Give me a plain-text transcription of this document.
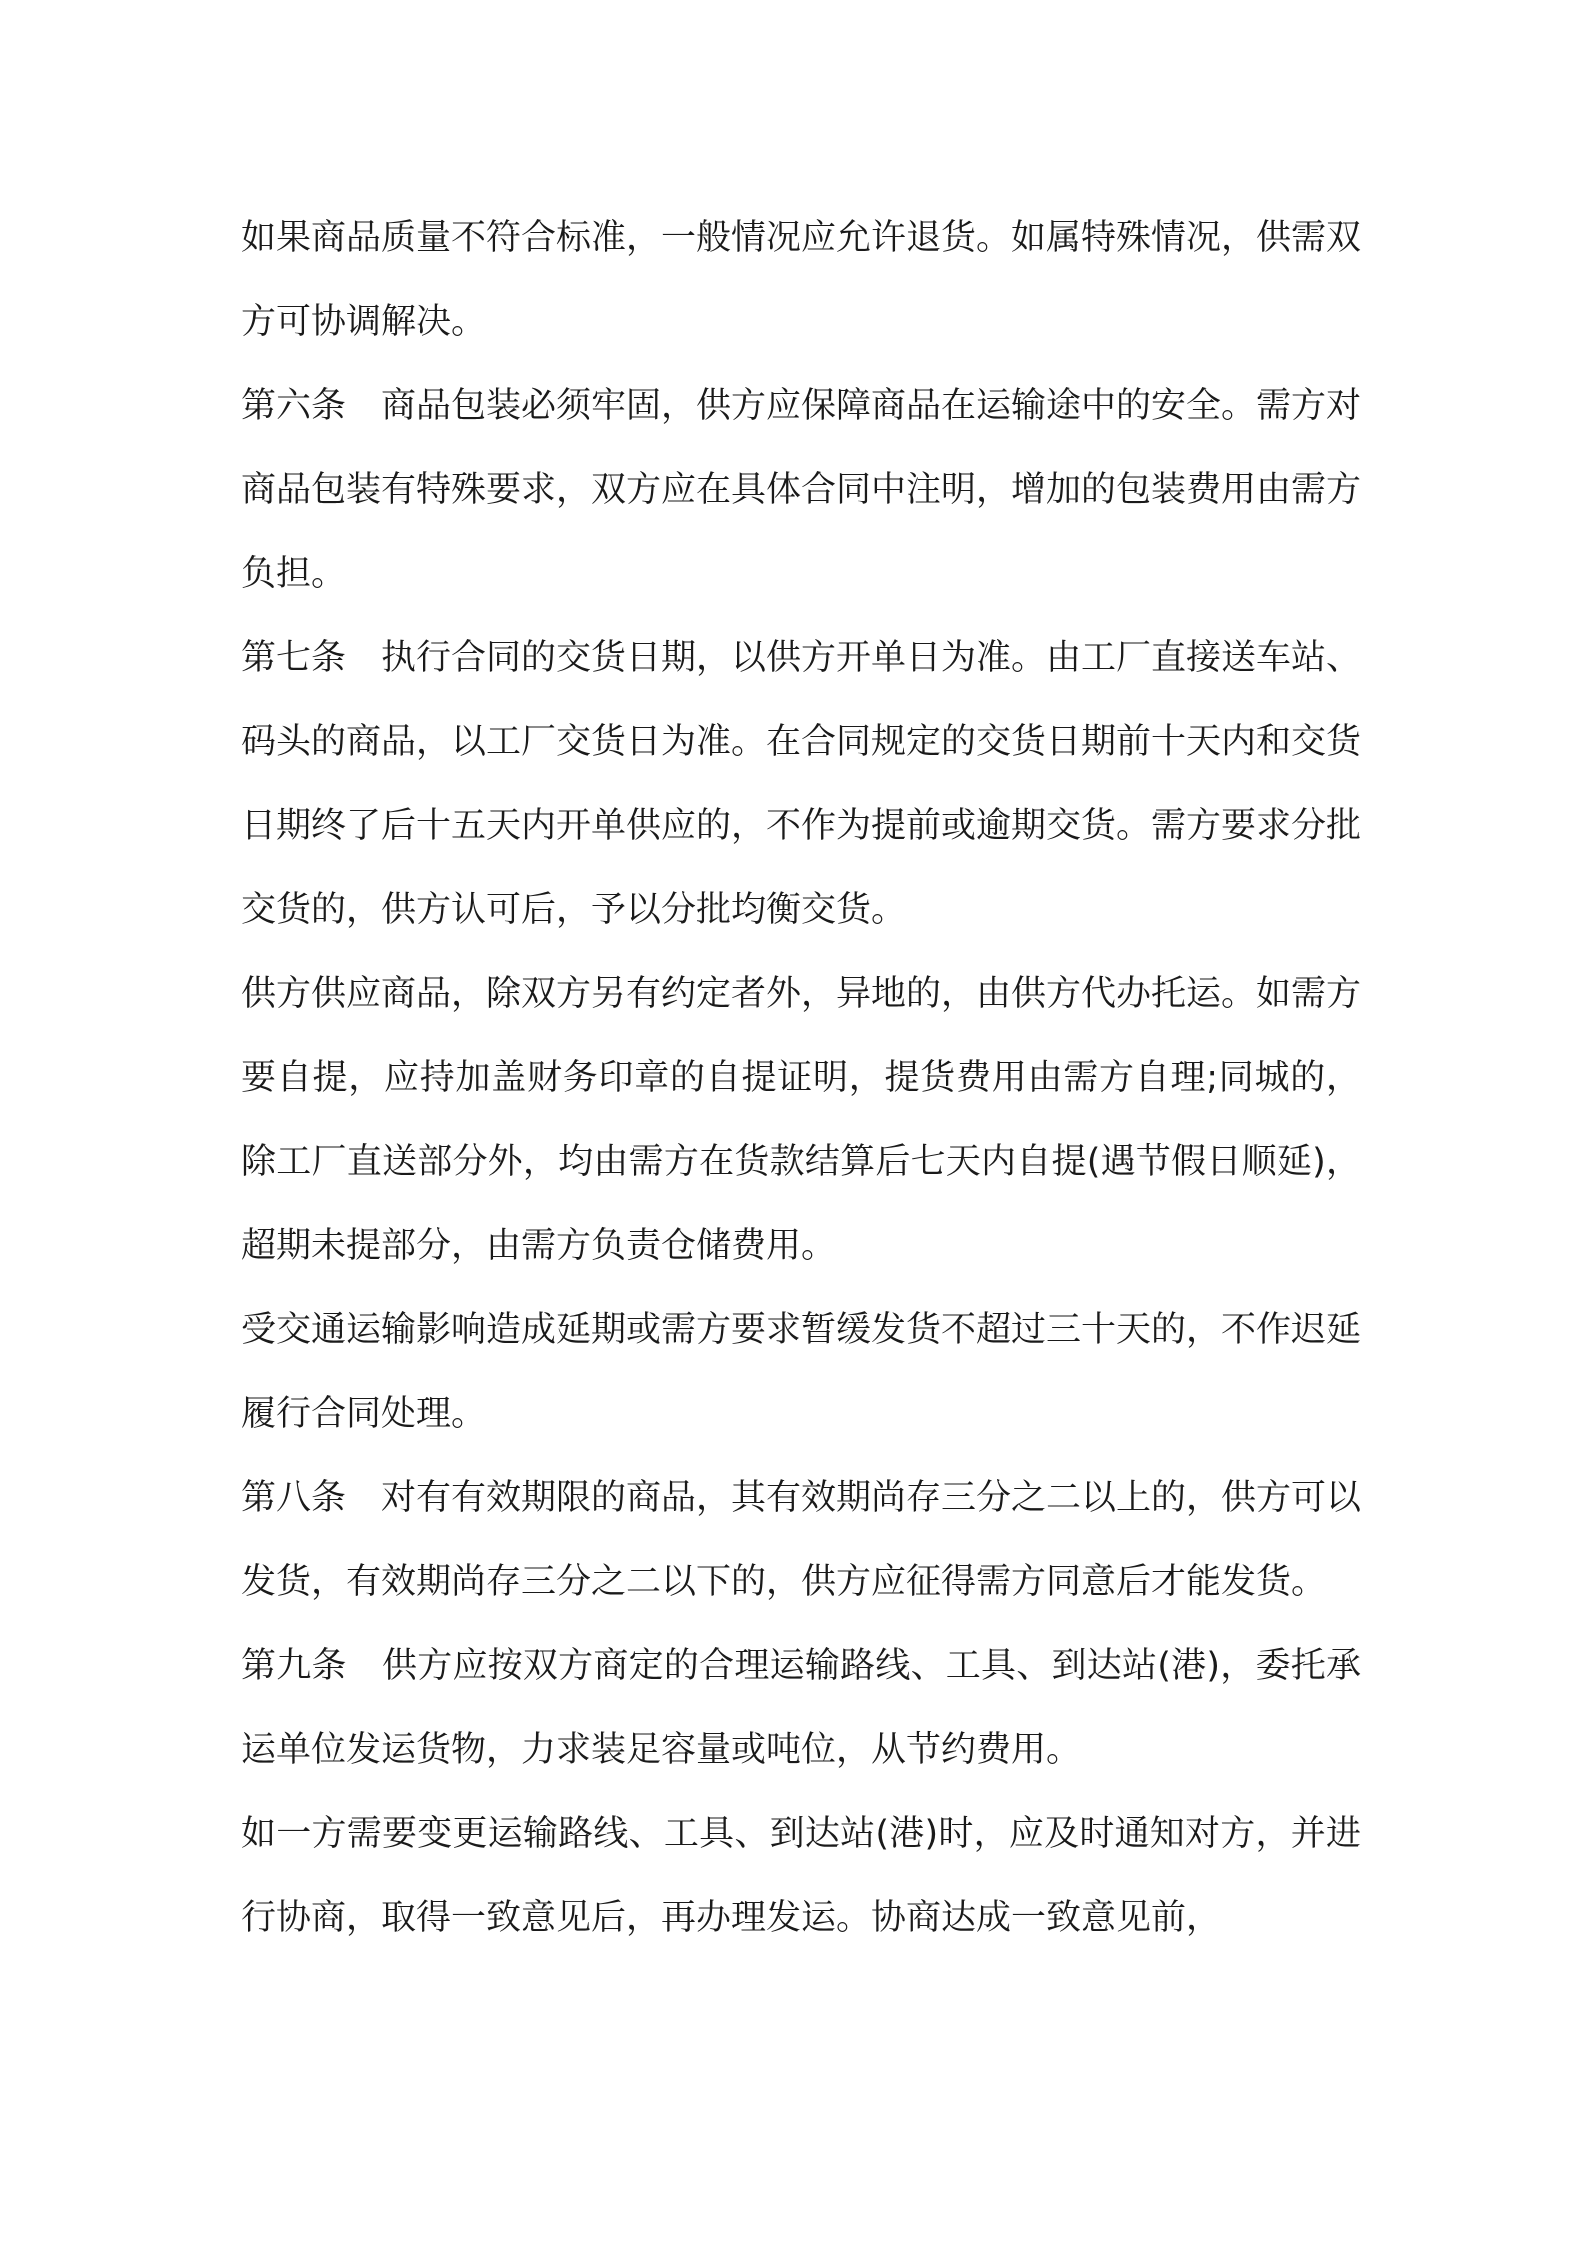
如果商品质量不符合标准，一般情况应允许退货。如属特殊情况，供需双方可协调解决。

第六条　商品包装必须牢固，供方应保障商品在运输途中的安全。需方对商品包装有特殊要求，双方应在具体合同中注明，增加的包装费用由需方负担。

第七条　执行合同的交货日期，以供方开单日为准。由工厂直接送车站、码头的商品，以工厂交货日为准。在合同规定的交货日期前十天内和交货日期终了后十五天内开单供应的，不作为提前或逾期交货。需方要求分批交货的，供方认可后，予以分批均衡交货。

供方供应商品，除双方另有约定者外，异地的，由供方代办托运。如需方要自提，应持加盖财务印章的自提证明，提货费用由需方自理;同城的，除工厂直送部分外，均由需方在货款结算后七天内自提(遇节假日顺延)，超期未提部分，由需方负责仓储费用。

受交通运输影响造成延期或需方要求暂缓发货不超过三十天的，不作迟延履行合同处理。

第八条　对有有效期限的商品，其有效期尚存三分之二以上的，供方可以发货，有效期尚存三分之二以下的，供方应征得需方同意后才能发货。

第九条　供方应按双方商定的合理运输路线、工具、到达站(港)，委托承运单位发运货物，力求装足容量或吨位，从节约费用。

如一方需要变更运输路线、工具、到达站(港)时，应及时通知对方，并进行协商，取得一致意见后，再办理发运。协商达成一致意见前，
